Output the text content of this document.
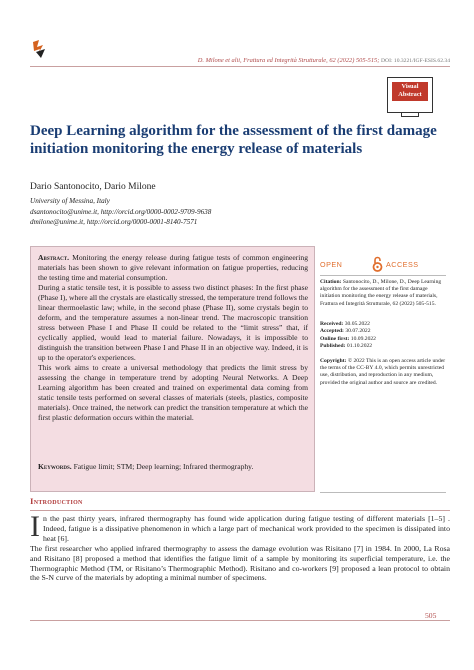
D. Milone et alii, Frattura ed Integrità Strutturale, 62 (2022) 505-515; DOI: 10.3221/IGF-ESIS.62.34
Visual
Abstract
Deep Learning algorithm for the assessment of the first damage initiation monitoring the energy release of materials
Dario Santonocito, Dario Milone
University of Messina, Italy
dsantonocito@unime.it, http://orcid.org/0000-0002-9709-9638
dmilone@unime.it, http://orcid.org/0000-0001-8140-7571

Abstract. Monitoring the energy release during fatigue tests of common engineering materials has been shown to give relevant information on fatigue properties, reducing the testing time and material consumption.

During a static tensile test, it is possible to assess two distinct phases: In the first phase (Phase I), where all the crystals are elastically stressed, the temperature trend follows the linear thermoelastic law; while, in the second phase (Phase II), some crystals begin to deform, and the temperature assumes a non-linear trend. The macroscopic transition stress between Phase I and Phase II could be related to the “limit stress” that, if cyclically applied, would lead to material failure. Nowadays, it is impossible to distinguish the transition between Phase I and Phase II in an objective way. Indeed, it is up to the operator's experiences.

This work aims to create a universal methodology that predicts the limit stress by assessing the change in temperature trend by adopting Neural Networks. A Deep Learning algorithm has been created and trained on experimental data coming from static tensile tests performed on several classes of materials (steels, plastics, composite materials). Once trained, the network can predict the transition temperature at which the first plastic deformation occurs within the material.

Keywords. Fatigue limit; STM; Deep learning; Infrared thermography.
OPEN	ACCESS
Citation: Santonocito, D., Milone, D., Deep Learning algorithm for the assessment of the first damage initiation monitoring the energy release of materials, Frattura ed Integrità Strutturale, 62 (2022) 505-515.
Received: 30.05.2022
Accepted: 30.07.2022
Online first: 10.09.2022
Published: 01.10.2022
Copyright: © 2022 This is an open access article under the terms of the CC-BY 4.0, which permits unrestricted use, distribution, and reproduction in any medium, provided the original author and source are credited.
Introduction

In the past thirty years, infrared thermography has found wide application during fatigue testing of different materials [1–5] . Indeed, fatigue is a dissipative phenomenon in which a large part of mechanical work provided to the specimen is dissipated into heat [6].

The first researcher who applied infrared thermography to assess the damage evolution was Risitano [7] in 1984. In 2000, La Rosa and Risitano [8] proposed a method that identifies the fatigue limit of a sample by monitoring its superficial temperature, i.e. the Thermographic Method (TM, or Risitano’s Thermographic Method). Risitano and co-workers [9] proposed a lean protocol to obtain the S-N curve of the materials by adopting a minimal number of specimens.

505
